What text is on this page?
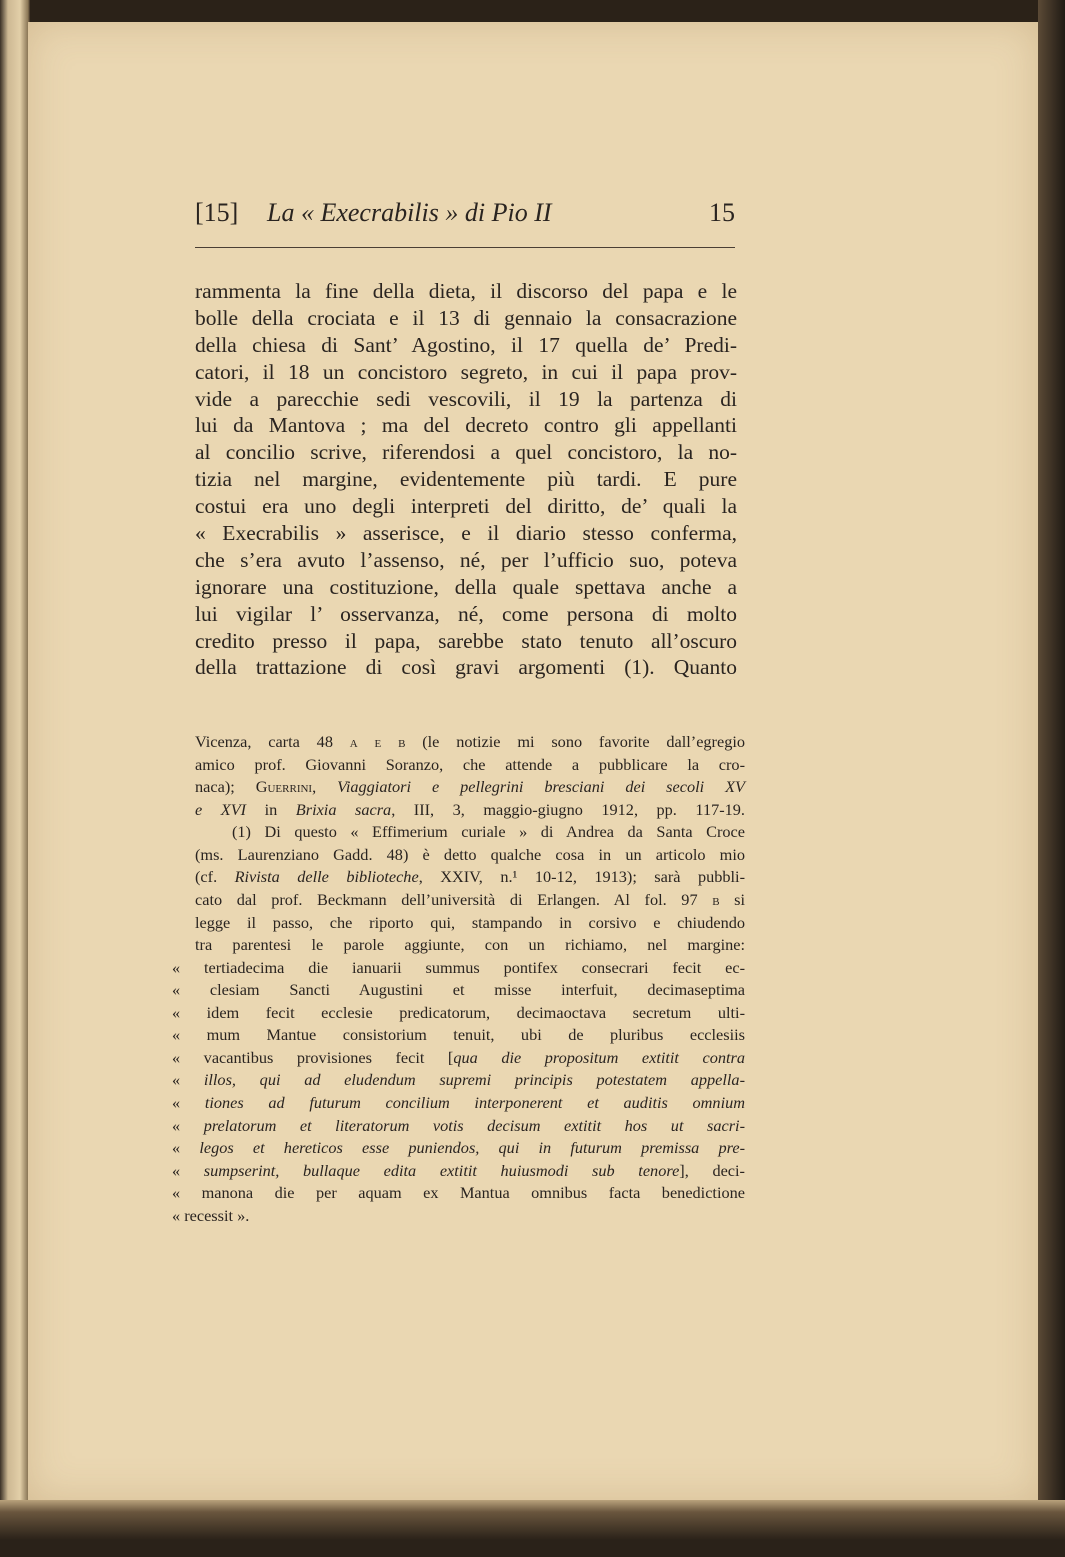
[15] La « Execrabilis » di Pio II	15
rammenta la fine della dieta, il discorso del papa e le
bolle della crociata e il 13 di gennaio la consacrazione
della chiesa di Sant’ Agostino, il 17 quella de’ Predi-
catori, il 18 un concistoro segreto, in cui il papa prov-
vide a parecchie sedi vescovili, il 19 la partenza di
lui da Mantova ; ma del decreto contro gli appellanti
al concilio scrive, riferendosi a quel concistoro, la no-
tizia nel margine, evidentemente più tardi. E pure
costui era uno degli interpreti del diritto, de’ quali la
« Execrabilis » asserisce, e il diario stesso conferma,
che s’era avuto l’assenso, né, per l’ufficio suo, poteva
ignorare una costituzione, della quale spettava anche a
lui vigilar l’ osservanza, né, come persona di molto
credito presso il papa, sarebbe stato tenuto all’oscuro
della trattazione di così gravi argomenti (1). Quanto
Vicenza, carta 48 a e b (le notizie mi sono favorite dall’egregio
amico prof. Giovanni Soranzo, che attende a pubblicare la cro-
naca); Guerrini, Viaggiatori e pellegrini bresciani dei secoli XV
e XVI in Brixia sacra, III, 3, maggio-giugno 1912, pp. 117-19.
(1) Di questo « Effimerium curiale » di Andrea da Santa Croce
(ms. Laurenziano Gadd. 48) è detto qualche cosa in un articolo mio
(cf. Rivista delle biblioteche, XXIV, n.¹ 10-12, 1913); sarà pubbli-
cato dal prof. Beckmann dell’università di Erlangen. Al fol. 97 b si
legge il passo, che riporto qui, stampando in corsivo e chiudendo
tra parentesi le parole aggiunte, con un richiamo, nel margine:
« tertiadecima die ianuarii summus pontifex consecrari fecit ec-
« clesiam Sancti Augustini et misse interfuit, decimaseptima
« idem fecit ecclesie predicatorum, decimaoctava secretum ulti-
« mum Mantue consistorium tenuit, ubi de pluribus ecclesiis
« vacantibus provisiones fecit [qua die propositum extitit contra
« illos, qui ad eludendum supremi principis potestatem appella-
« tiones ad futurum concilium interponerent et auditis omnium
« prelatorum et literatorum votis decisum extitit hos ut sacri-
« legos et hereticos esse puniendos, qui in futurum premissa pre-
« sumpserint, bullaque edita extitit huiusmodi sub tenore], deci-
« manona die per aquam ex Mantua omnibus facta benedictione
« recessit ».
